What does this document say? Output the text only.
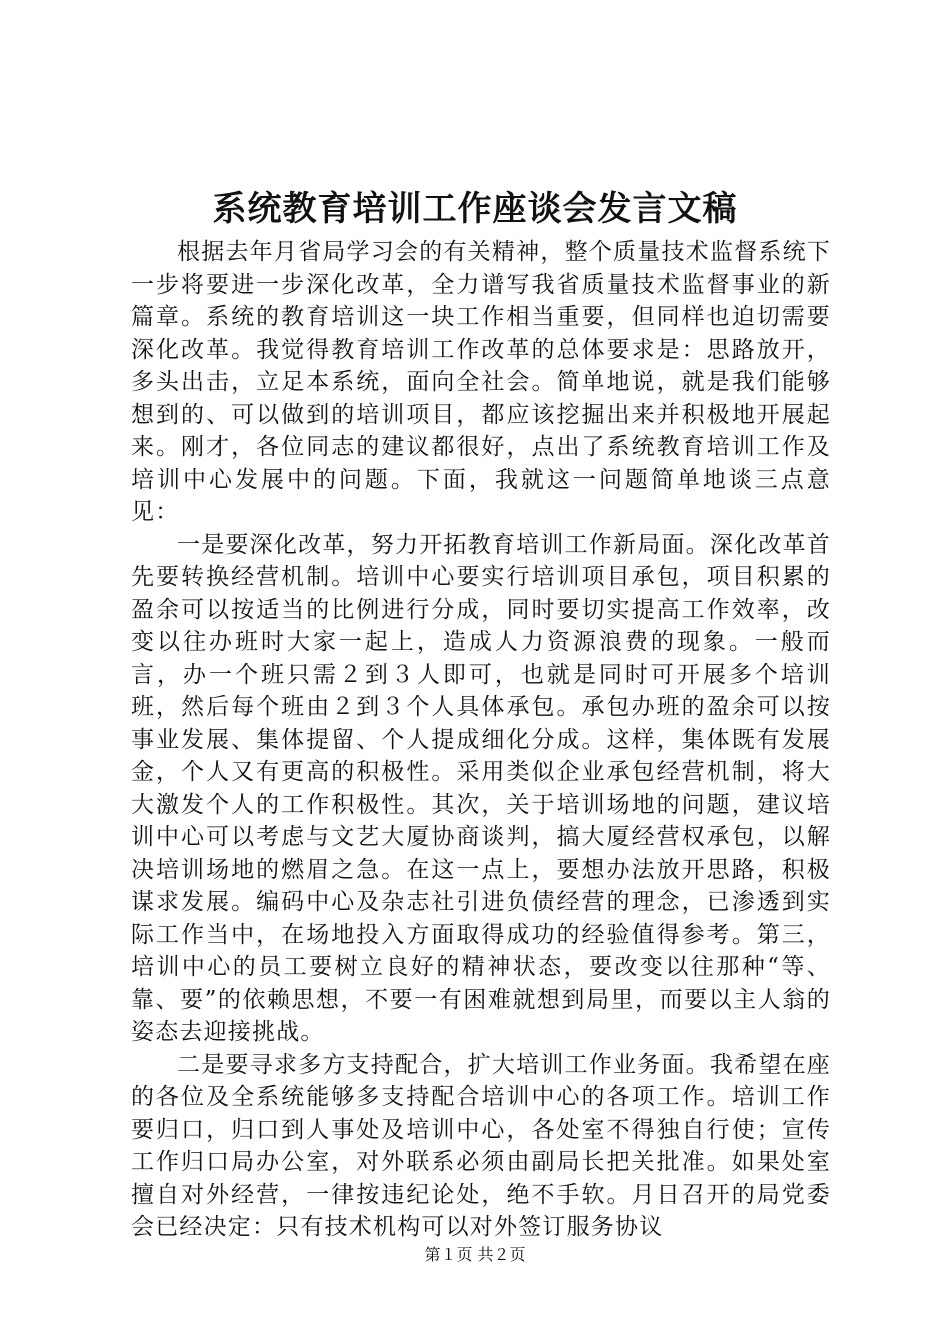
系统教育培训工作座谈会发言文稿

根据去年月省局学习会的有关精神，整个质量技术监督系统下一步将要进一步深化改革，全力谱写我省质量技术监督事业的新篇章。系统的教育培训这一块工作相当重要，但同样也迫切需要深化改革。我觉得教育培训工作改革的总体要求是：思路放开，多头出击，立足本系统，面向全社会。简单地说，就是我们能够想到的、可以做到的培训项目，都应该挖掘出来并积极地开展起来。刚才，各位同志的建议都很好，点出了系统教育培训工作及培训中心发展中的问题。下面，我就这一问题简单地谈三点意见：

一是要深化改革，努力开拓教育培训工作新局面。深化改革首先要转换经营机制。培训中心要实行培训项目承包，项目积累的盈余可以按适当的比例进行分成，同时要切实提高工作效率，改变以往办班时大家一起上，造成人力资源浪费的现象。一般而言，办一个班只需２到３人即可，也就是同时可开展多个培训班，然后每个班由２到３个人具体承包。承包办班的盈余可以按事业发展、集体提留、个人提成细化分成。这样，集体既有发展金，个人又有更高的积极性。采用类似企业承包经营机制，将大大激发个人的工作积极性。其次，关于培训场地的问题，建议培训中心可以考虑与文艺大厦协商谈判，搞大厦经营权承包，以解决培训场地的燃眉之急。在这一点上，要想办法放开思路，积极谋求发展。编码中心及杂志社引进负债经营的理念，已渗透到实际工作当中，在场地投入方面取得成功的经验值得参考。第三，培训中心的员工要树立良好的精神状态，要改变以往那种“等、靠、要”的依赖思想，不要一有困难就想到局里，而要以主人翁的姿态去迎接挑战。

二是要寻求多方支持配合，扩大培训工作业务面。我希望在座的各位及全系统能够多支持配合培训中心的各项工作。培训工作要归口，归口到人事处及培训中心，各处室不得独自行使；宣传工作归口局办公室，对外联系必须由副局长把关批准。如果处室擅自对外经营，一律按违纪论处，绝不手软。月日召开的局党委会已经决定：只有技术机构可以对外签订服务协议

第１页 共２页
